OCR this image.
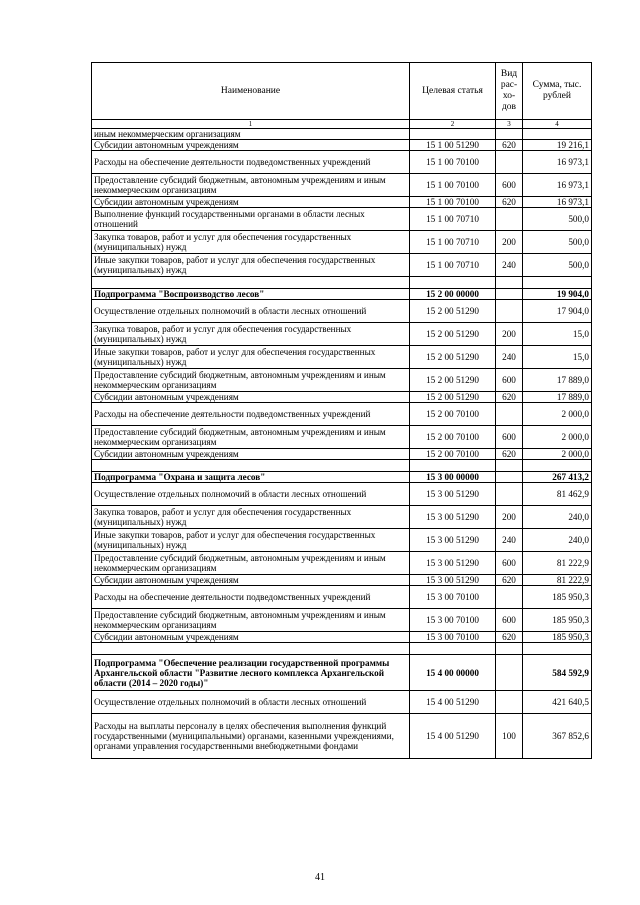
Наименование	Целевая статья	Вид рас- хо- дов	Сумма, тыс. рублей
1	2	3	4
иным некоммерческим организациям			
Субсидии автономным учреждениям	15 1 00 51290	620	19 216,1
Расходы на обеспечение деятельности подведомственных учреждений	15 1 00 70100		16 973,1
Предоставление субсидий бюджетным, автономным учреждениям и иным некоммерческим организациям	15 1 00 70100	600	16 973,1
Субсидии автономным учреждениям	15 1 00 70100	620	16 973,1
Выполнение функций государственными органами в области лесных отношений	15 1 00 70710		500,0
Закупка товаров, работ и услуг для обеспечения государственных (муниципальных) нужд	15 1 00 70710	200	500,0
Иные закупки товаров, работ и услуг для обеспечения государственных (муниципальных) нужд	15 1 00 70710	240	500,0

Подпрограмма "Воспроизводство лесов"	15 2 00 00000		19 904,0
Осуществление отдельных полномочий в области лесных отношений	15 2 00 51290		17 904,0
Закупка товаров, работ и услуг для обеспечения государственных (муниципальных) нужд	15 2 00 51290	200	15,0
Иные закупки товаров, работ и услуг для обеспечения государственных (муниципальных) нужд	15 2 00 51290	240	15,0
Предоставление субсидий бюджетным, автономным учреждениям и иным некоммерческим организациям	15 2 00 51290	600	17 889,0
Субсидии автономным учреждениям	15 2 00 51290	620	17 889,0
Расходы на обеспечение деятельности подведомственных учреждений	15 2 00 70100		2 000,0
Предоставление субсидий бюджетным, автономным учреждениям и иным некоммерческим организациям	15 2 00 70100	600	2 000,0
Субсидии автономным учреждениям	15 2 00 70100	620	2 000,0

Подпрограмма "Охрана и защита лесов"	15 3 00 00000		267 413,2
Осуществление отдельных полномочий в области лесных отношений	15 3 00 51290		81 462,9
Закупка товаров, работ и услуг для обеспечения государственных (муниципальных) нужд	15 3 00 51290	200	240,0
Иные закупки товаров, работ и услуг для обеспечения государственных (муниципальных) нужд	15 3 00 51290	240	240,0
Предоставление субсидий бюджетным, автономным учреждениям и иным некоммерческим организациям	15 3 00 51290	600	81 222,9
Субсидии автономным учреждениям	15 3 00 51290	620	81 222,9
Расходы на обеспечение деятельности подведомственных учреждений	15 3 00 70100		185 950,3
Предоставление субсидий бюджетным, автономным учреждениям и иным некоммерческим организациям	15 3 00 70100	600	185 950,3
Субсидии автономным учреждениям	15 3 00 70100	620	185 950,3

Подпрограмма "Обеспечение реализации государственной программы Архангельской области "Развитие лесного комплекса Архангельской области (2014 – 2020 годы)"	15 4 00 00000		584 592,9
Осуществление отдельных полномочий в области лесных отношений	15 4 00 51290		421 640,5
Расходы на выплаты персоналу в целях обеспечения выполнения функций государственными (муниципальными) органами, казенными учреждениями, органами управления государственными внебюджетными фондами	15 4 00 51290	100	367 852,6
41
